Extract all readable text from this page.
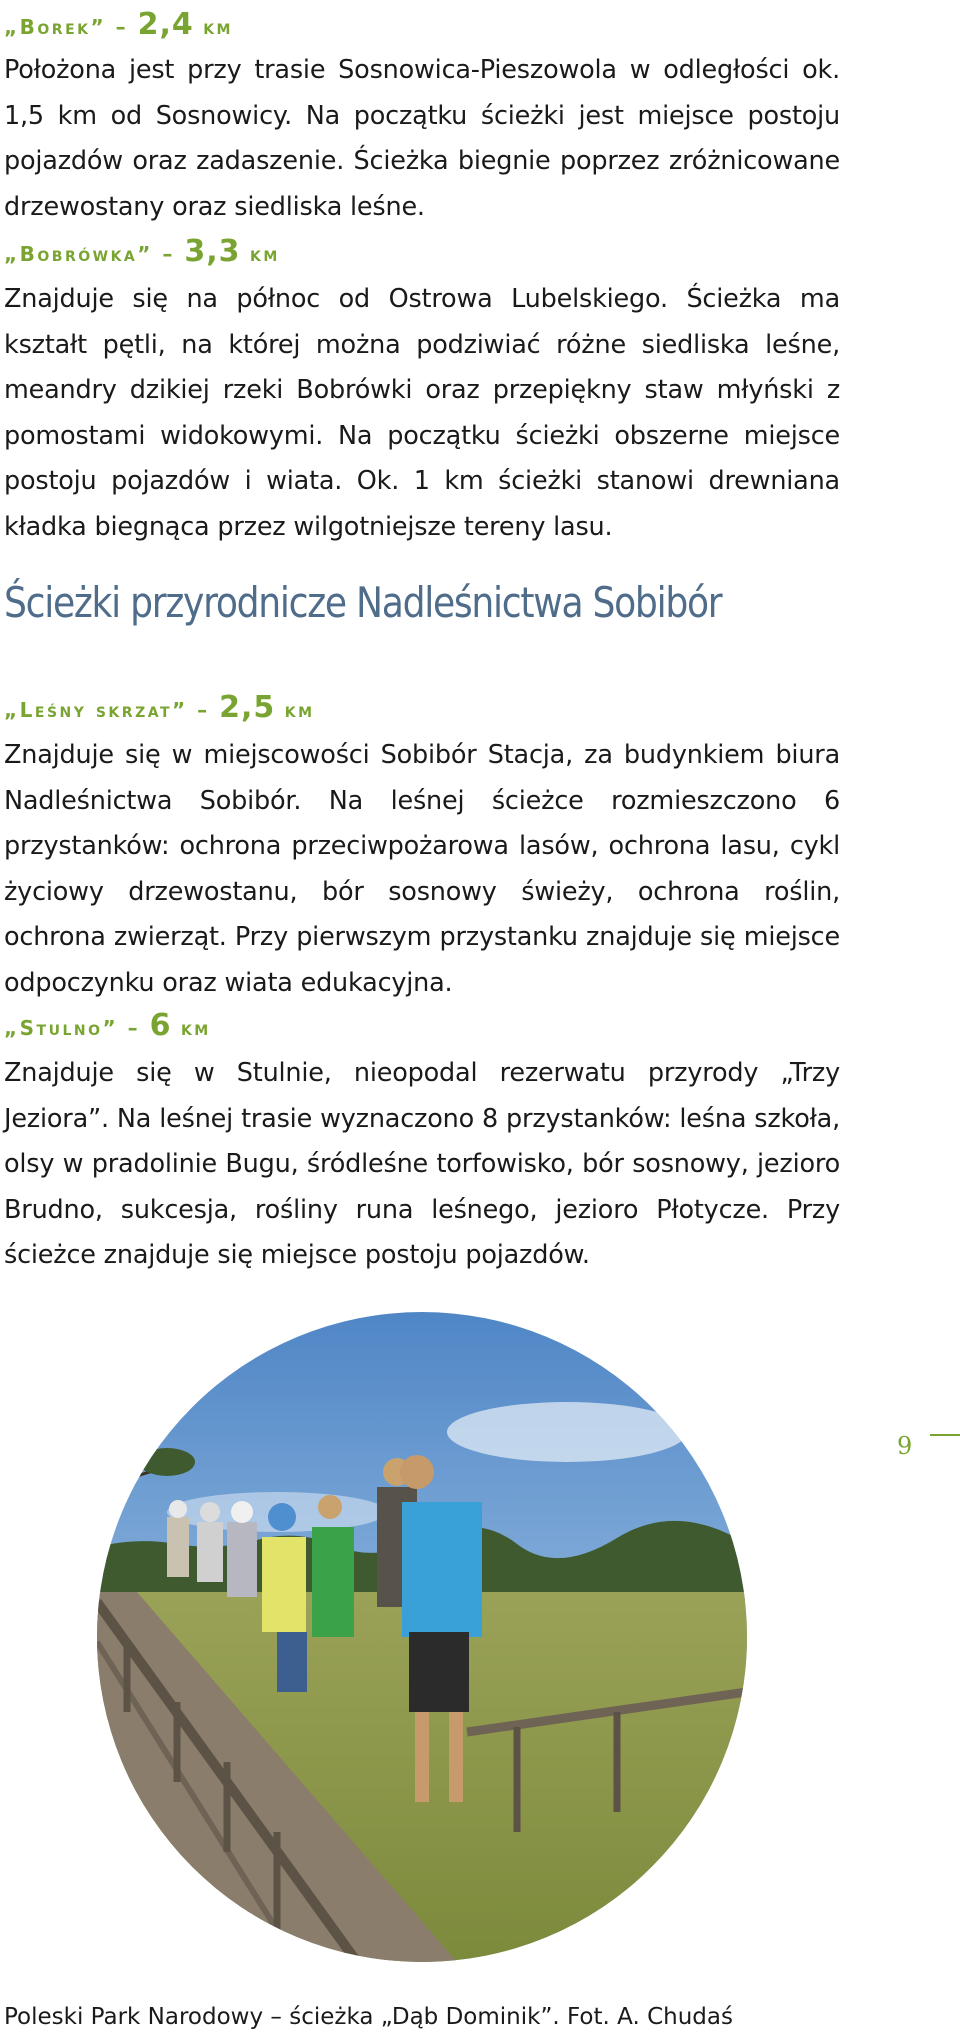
„Borek” – 2,4 km

Położona jest przy trasie Sosnowica-Pieszowola w odległości ok. 1,5 km od Sosnowicy. Na początku ścieżki jest miejsce postoju pojazdów oraz zadaszenie. Ścieżka biegnie poprzez zróżnicowane drzewostany oraz siedliska leśne.

„Bobrówka” – 3,3 km

Znajduje się na północ od Ostrowa Lubelskiego. Ścieżka ma kształt pętli, na której można podziwiać różne siedliska leśne, meandry dzikiej rzeki Bobrówki oraz przepiękny staw młyński z pomostami widokowymi. Na początku ścieżki obszerne miejsce postoju pojazdów i wiata. Ok. 1 km ścieżki stanowi drewniana kładka biegnąca przez wilgotniejsze tereny lasu.

Ścieżki przyrodnicze Nadleśnictwa Sobibór
„Leśny skrzat” – 2,5 km

Znajduje się w miejscowości Sobibór Stacja, za budynkiem biura Nadleśnictwa Sobibór. Na leśnej ścieżce rozmieszczono 6 przystanków: ochrona przeciwpożarowa lasów, ochrona lasu, cykl życiowy drzewostanu, bór sosnowy świeży, ochrona roślin, ochrona zwierząt. Przy pierwszym przystanku znajduje się miejsce odpoczynku oraz wiata edukacyjna.

„Stulno” – 6 km

Znajduje się w Stulnie, nieopodal rezerwatu przyrody „Trzy Jeziora”. Na leśnej trasie wyznaczono 8 przystanków: leśna szkoła, olsy w pradolinie Bugu, śródleśne torfowisko, bór sosnowy, jezioro Brudno, sukcesja, rośliny runa leśnego, jezioro Płotycze. Przy ścieżce znajduje się miejsce postoju pojazdów.

9
Poleski Park Narodowy – ścieżka „Dąb Dominik”. Fot. A. Chudaś
